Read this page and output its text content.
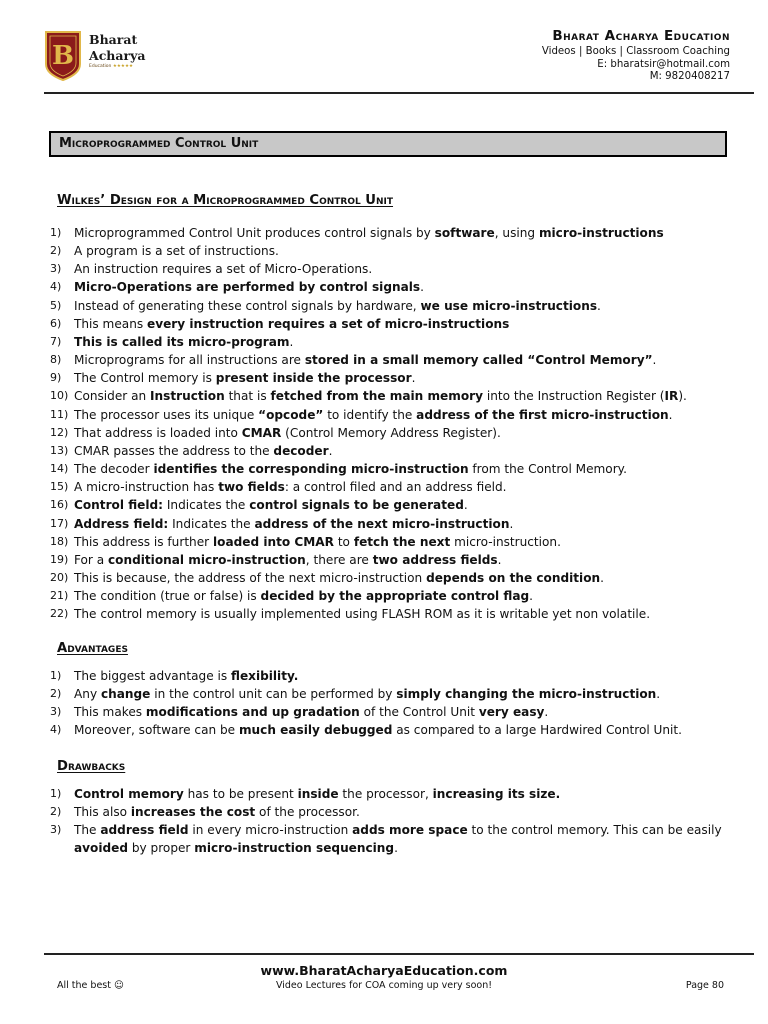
B
Bharat
Acharya
Education ★★★★★
Bharat Acharya Education
Videos | Books | Classroom Coaching
E: bharatsir@hotmail.com
M: 9820408217
Microprogrammed Control Unit
Wilkes’ Design for a Microprogrammed Control Unit
1) Microprogrammed Control Unit produces control signals by software, using micro-instructions
2) A program is a set of instructions.
3) An instruction requires a set of Micro-Operations.
4) Micro-Operations are performed by control signals.
5) Instead of generating these control signals by hardware, we use micro-instructions.
6) This means every instruction requires a set of micro-instructions
7) This is called its micro-program.
8) Microprograms for all instructions are stored in a small memory called “Control Memory”.
9) The Control memory is present inside the processor.
10) Consider an Instruction that is fetched from the main memory into the Instruction Register (IR).
11) The processor uses its unique “opcode” to identify the address of the first micro-instruction.
12) That address is loaded into CMAR (Control Memory Address Register).
13) CMAR passes the address to the decoder.
14) The decoder identifies the corresponding micro-instruction from the Control Memory.
15) A micro-instruction has two fields: a control filed and an address field.
16) Control field: Indicates the control signals to be generated.
17) Address field: Indicates the address of the next micro-instruction.
18) This address is further loaded into CMAR to fetch the next micro-instruction.
19) For a conditional micro-instruction, there are two address fields.
20) This is because, the address of the next micro-instruction depends on the condition.
21) The condition (true or false) is decided by the appropriate control flag.
22) The control memory is usually implemented using FLASH ROM as it is writable yet non volatile.
Advantages
1) The biggest advantage is flexibility.
2) Any change in the control unit can be performed by simply changing the micro-instruction.
3) This makes modifications and up gradation of the Control Unit very easy.
4) Moreover, software can be much easily debugged as compared to a large Hardwired Control Unit.
Drawbacks
1) Control memory has to be present inside the processor, increasing its size.
2) This also increases the cost of the processor.
3) The address field in every micro-instruction adds more space to the control memory. This can be easily avoided by proper micro-instruction sequencing.
www.BharatAcharyaEducation.com
All the best ☺	Video Lectures for COA coming up very soon!	Page 80
